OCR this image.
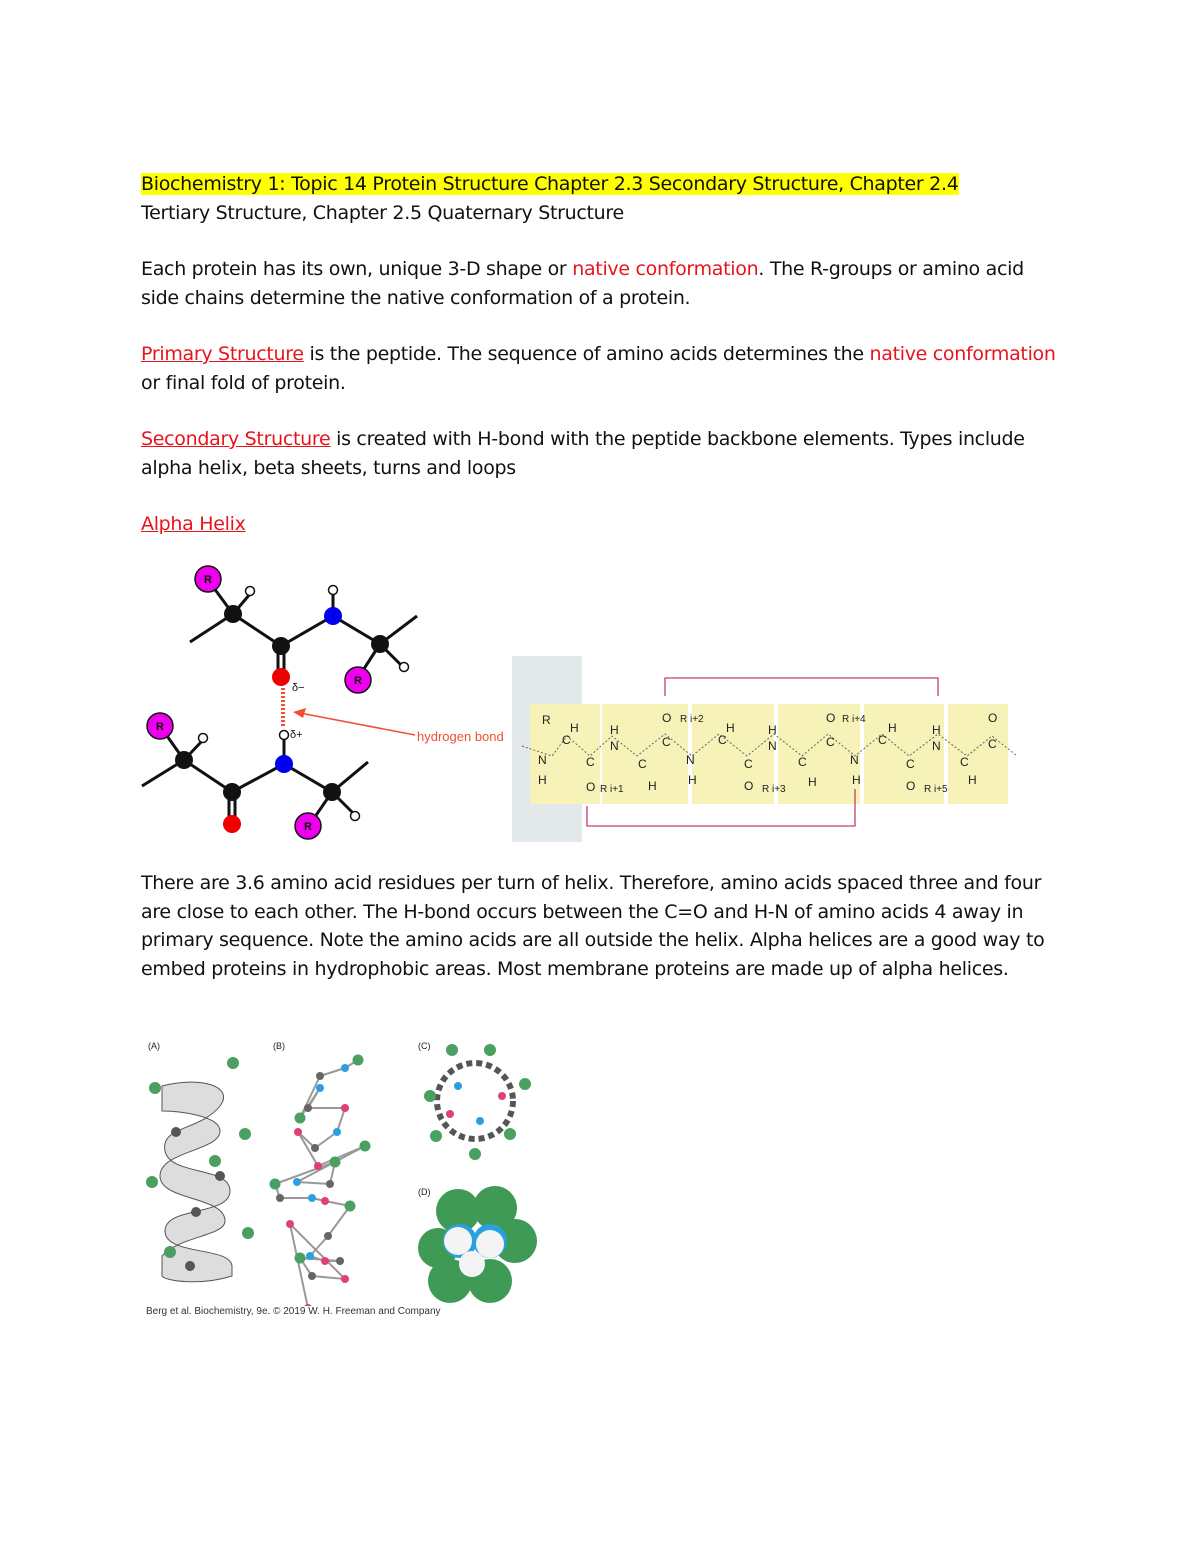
Biochemistry 1: Topic 14 Protein Structure Chapter 2.3 Secondary Structure, Chapter 2.4
Tertiary Structure, Chapter 2.5 Quaternary Structure
Each protein has its own, unique 3-D shape or native conformation. The R-groups or amino acid side chains determine the native conformation of a protein.
Primary Structure is the peptide. The sequence of amino acids determines the native conformation or final fold of protein.
Secondary Structure is created with H-bond with the peptide backbone elements. Types include alpha helix, beta sheets, turns and loops
Alpha Helix
R
R
R
R
δ−
δ+	hydrogen bond
R
H
N
H
C
C
O
H
N
C
R i+1 H
C
O R i+2
H
C
N
H
C
O
H
N
C
R i+3
H
C
O R i+4
H
C
N
H
C
O
H
N
C
R i+5
H
C
O
There are 3.6 amino acid residues per turn of helix. Therefore, amino acids spaced three and four are close to each other. The H-bond occurs between the C=O and H-N of amino acids 4 away in primary sequence. Note the amino acids are all outside the helix. Alpha helices are a good way to embed proteins in hydrophobic areas. Most membrane proteins are made up of alpha helices.
(A)	(B)	(C)
(D)
Berg et al. Biochemistry, 9e. © 2019 W. H. Freeman and Company
